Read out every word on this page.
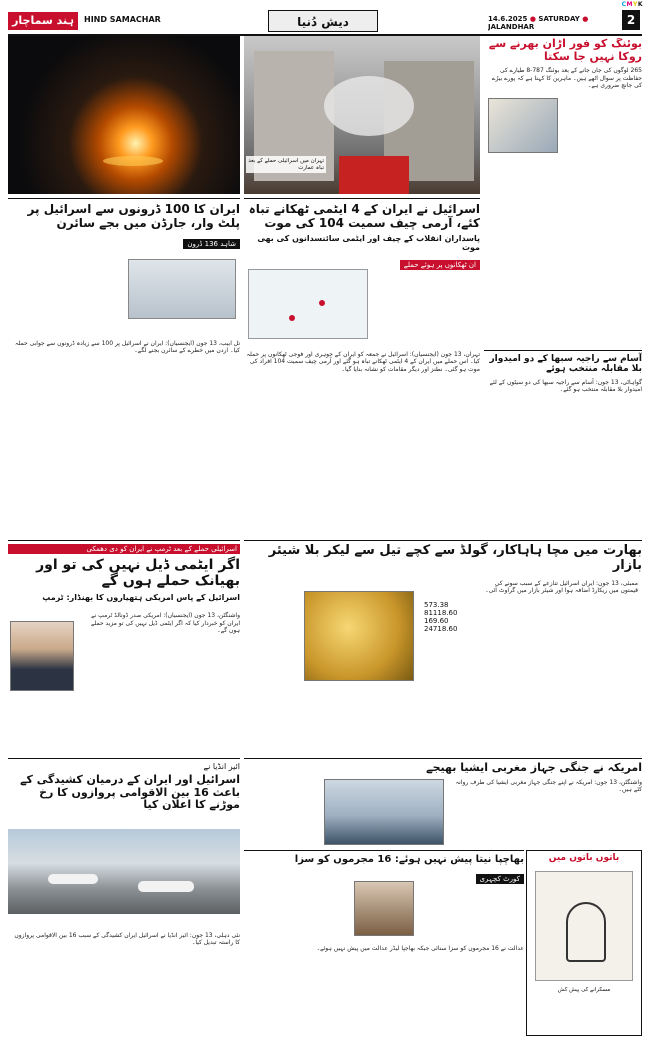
CMYK
ہند سماچار	HIND SAMACHAR	دیش دُنیا	14.6.2025 ● SATURDAY ● JALANDHAR	2
تہران میں اسرائیلی حملے کے بعد تباہ عمارت
بوئنگ کو فور اڑان بھرنے سے روکا نہیں جا سکتا
265 لوگوں کی جان جانے کے بعد بوئنگ 787-8 طیارے کی حفاظت پر سوال اٹھے ہیں۔ ماہرین کا کہنا ہے کہ پورے بیڑے کی جانچ ضروری ہے۔
آسام سے راجیہ سبھا کے دو امیدوار بلا مقابلہ منتخب ہوئے
گواہاٹی، 13 جون: آسام سے راجیہ سبھا کی دو سیٹوں کے لئے امیدوار بلا مقابلہ منتخب ہو گئے۔
ایران کا 100 ڈرونوں سے اسرائیل پر پلٹ وار، جارڈن میں بجے سائرن
شاہد 136 ڈرون
تل ابیب، 13 جون (ایجنسیاں): ایران نے اسرائیل پر 100 سے زیادہ ڈرونوں سے جوابی حملہ کیا۔ اردن میں خطرے کے سائرن بجنے لگے۔
اسرائیل نے ایران کے 4 ایٹمی ٹھکانے تباہ کئے، آرمی چیف سمیت 104 کی موت
پاسداران انقلاب کے چیف اور ایٹمی سائنسدانوں کی بھی موت
ان ٹھکانوں پر ہوئے حملے
تہران، 13 جون (ایجنسیاں): اسرائیل نے جمعہ کو ایران کے جوہری اور فوجی ٹھکانوں پر حملہ کیا۔ اس حملے میں ایران کے 4 ایٹمی ٹھکانے تباہ ہو گئے اور آرمی چیف سمیت 104 افراد کی موت ہو گئی۔ نطنز اور دیگر مقامات کو نشانہ بنایا گیا۔
اسرائیلی حملے کے بعد ٹرمپ نے ایران کو دی دھمکی
اگر ایٹمی ڈیل نہیں کی تو اور بھیانک حملے ہوں گے
اسرائیل کے پاس امریکی ہتھیاروں کا بھنڈار: ٹرمپ
واشنگٹن، 13 جون (ایجنسیاں): امریکی صدر ڈونالڈ ٹرمپ نے ایران کو خبردار کیا کہ اگر ایٹمی ڈیل نہیں کی تو مزید حملے ہوں گے۔
بھارت میں مچا ہاہاکار، گولڈ سے کچے تیل سے لیکر بلا شیئر بازار
573.38
81118.60
169.60
24718.60
ممبئی، 13 جون: ایران اسرائیل تنازعے کے سبب سونے کی قیمتوں میں ریکارڈ اضافہ ہوا اور شیئر بازار میں گراوٹ آئی۔
ائیر انڈیا نے
اسرائیل اور ایران کے درمیان کشیدگی کے باعث 16 بین الاقوامی پروازوں کا رخ موڑنے کا اعلان کیا
نئی دہلی، 13 جون: ائیر انڈیا نے اسرائیل ایران کشیدگی کے سبب 16 بین الاقوامی پروازوں کا راستہ تبدیل کیا۔
امریکہ نے جنگی جہاز مغربی ایشیا بھیجے
واشنگٹن، 13 جون: امریکہ نے اپنے جنگی جہاز مغربی ایشیا کی طرف روانہ کئے ہیں۔
بھاچپا نیتا پیش نہیں ہوئے: 16 مجرموں کو سزا
کورٹ کچہری
عدالت نے 16 مجرموں کو سزا سنائی جبکہ بھاجپا لیڈر عدالت میں پیش نہیں ہوئے۔
باتوں باتوں میں
مسکرانے کی پیش کش
